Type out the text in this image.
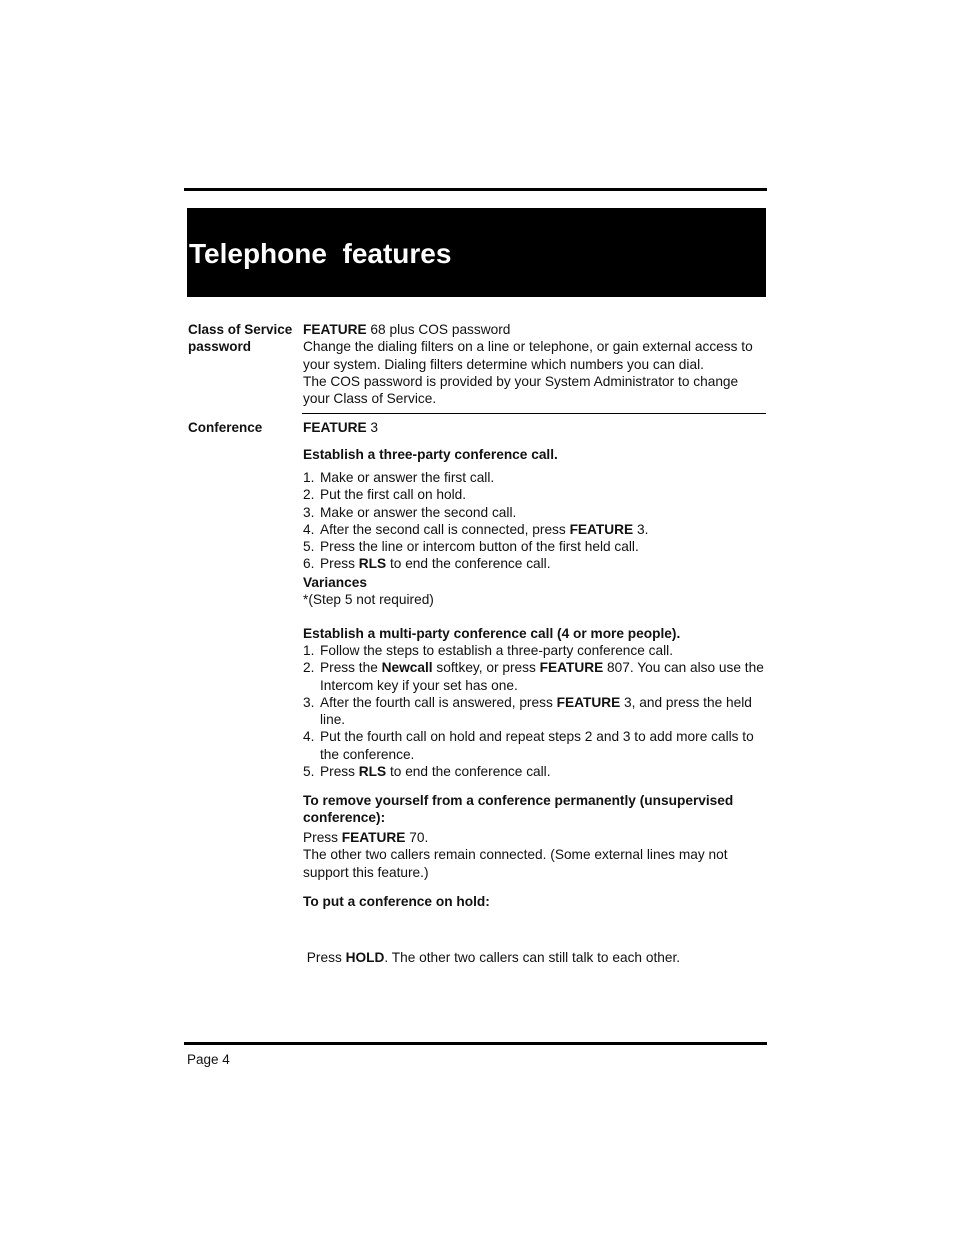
Telephone  features
Class of Service
password

FEATURE 68 plus COS password

Change the dialing filters on a line or telephone, or gain external access to your system. Dialing filters determine which numbers you can dial.

The COS password is provided by your System Administrator to change your Class of Service.

Conference	FEATURE 3

Establish a three-party conference call.
1. Make or answer the first call.
2. Put the first call on hold.
3. Make or answer the second call.
4. After the second call is connected, press FEATURE 3.
5. Press the line or intercom button of the first held call.
6. Press RLS to end the conference call.

Variances

*(Step 5 not required)

Establish a multi-party conference call (4 or more people).
1. Follow the steps to establish a three-party conference call.
2. Press the Newcall softkey, or press FEATURE 807. You can also use the Intercom key if your set has one.
3. After the fourth call is answered, press FEATURE 3, and press the held line.
4. Put the fourth call on hold and repeat steps 2 and 3 to add more calls to the conference.
5. Press RLS to end the conference call.
To remove yourself from a conference permanently (unsupervised conference):

Press FEATURE 70.

The other two callers remain connected. (Some external lines may not support this feature.)

To put a conference on hold:

Press HOLD. The other two callers can still talk to each other.

Page 4
